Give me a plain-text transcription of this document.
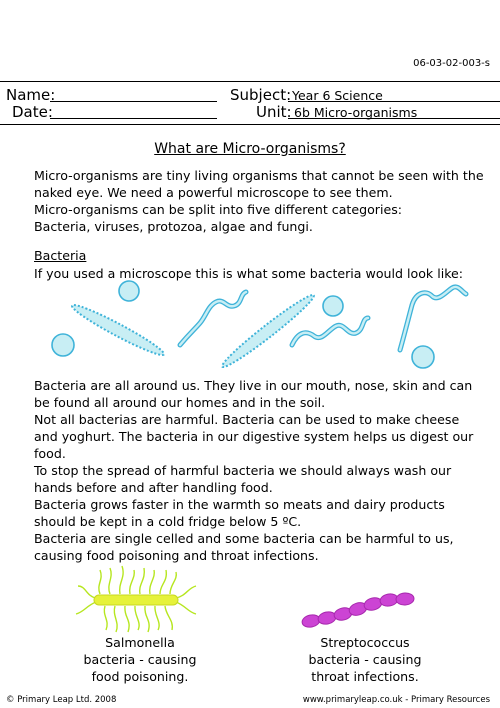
06-03-02-003-s
Name:
Date:
Subject: Year 6 Science
Unit: 6b Micro-organisms
What are Micro-organisms?
Micro-organisms are tiny living organisms that cannot be seen with the
naked eye. We need a powerful microscope to see them.
Micro-organisms can be split into five different categories:
Bacteria, viruses, protozoa, algae and fungi.
Bacteria
If you used a microscope this is what some bacteria would look like:
Bacteria are all around us. They live in our mouth, nose, skin and can
be found all around our homes and in the soil.
Not all bacterias are harmful. Bacteria can be used to make cheese
and yoghurt. The bacteria in our digestive system helps us digest our
food.
To stop the spread of harmful bacteria we should always wash our
hands before and after handling food.
Bacteria grows faster in the warmth so meats and dairy products
should be kept in a cold fridge below 5 ºC.
Bacteria are single celled and some bacteria can be harmful to us,
causing food poisoning and throat infections.
Salmonella
bacteria - causing
food poisoning.
Streptococcus
bacteria - causing
throat infections.
© Primary Leap Ltd. 2008	www.primaryleap.co.uk - Primary Resources
